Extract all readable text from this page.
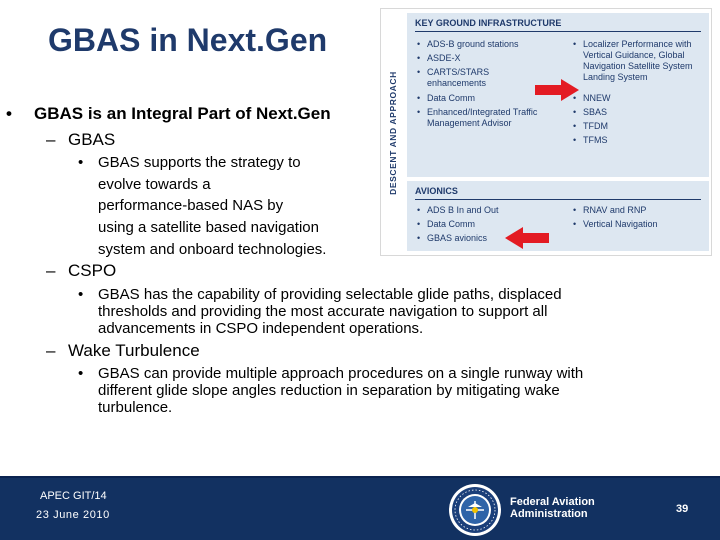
GBAS in Next.Gen
• GBAS is an Integral Part of Next.Gen
– GBAS
• GBAS supports the strategy to
evolve towards a
performance-based NAS by
using a satellite based navigation
system and onboard technologies.
– CSPO
• GBAS has the capability of providing selectable glide paths, displaced
thresholds and providing the most accurate navigation to support all
advancements in CSPO independent operations.
– Wake Turbulence
• GBAS can provide multiple approach procedures on a single runway with
different glide slope angles reduction in separation by mitigating wake
turbulence.
DESCENT AND APPROACH
KEY GROUND INFRASTRUCTURE
• ADS-B ground stations
• ASDE-X
• CARTS/STARS
enhancements
• Data Comm
• Enhanced/Integrated Traffic
Management Advisor
• Localizer Performance with
Vertical Guidance, Global
Navigation Satellite System
Landing System
• NNEW
• SBAS
• TFDM
• TFMS
AVIONICS
• ADS B In and Out
• Data Comm
• GBAS avionics
• RNAV and RNP
• Vertical Navigation
APEC GIT/14
23 June 2010
Federal Aviation
Administration	39
